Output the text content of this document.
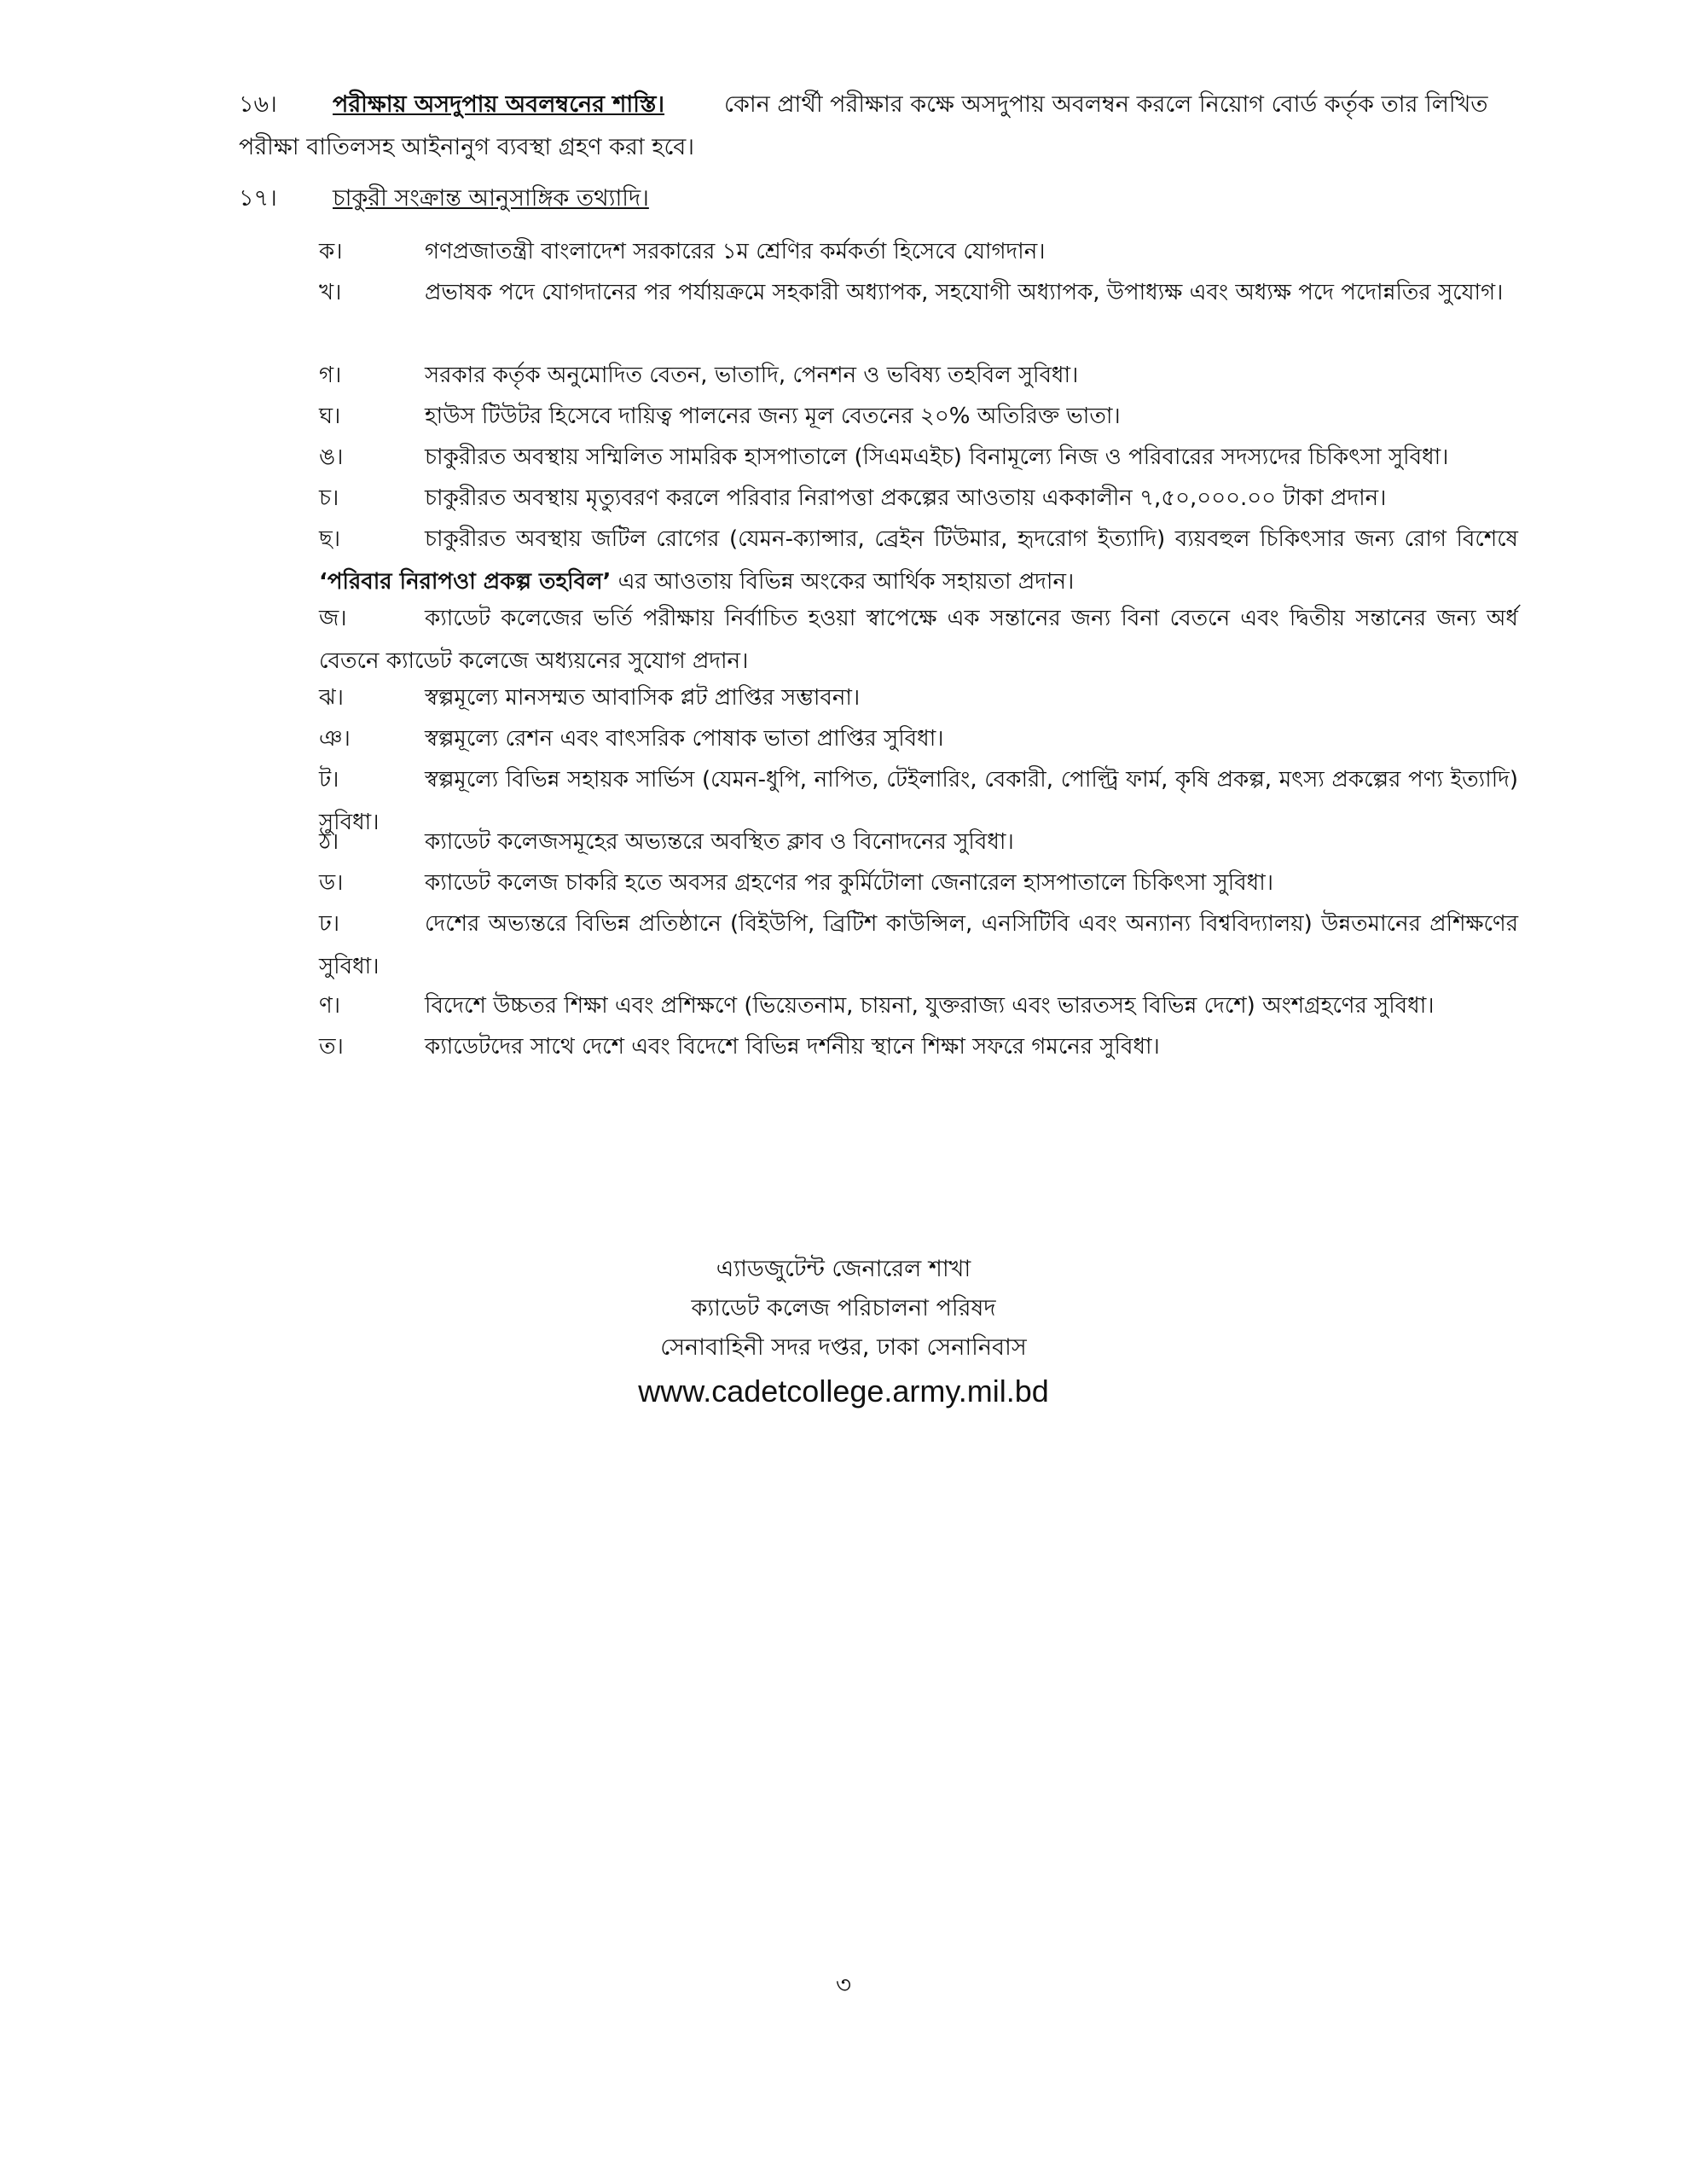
১৬। পরীক্ষায় অসদুপায় অবলম্বনের শাস্তি।	কোন প্রার্থী পরীক্ষার কক্ষে অসদুপায় অবলম্বন করলে নিয়োগ বোর্ড কর্তৃক তার লিখিত পরীক্ষা বাতিলসহ আইনানুগ ব্যবস্থা গ্রহণ করা হবে।
১৭। চাকুরী সংক্রান্ত আনুসাঙ্গিক তথ্যাদি।
ক।	গণপ্রজাতন্ত্রী বাংলাদেশ সরকারের ১ম শ্রেণির কর্মকর্তা হিসেবে যোগদান।
খ।	প্রভাষক পদে যোগদানের পর পর্যায়ক্রমে সহকারী অধ্যাপক, সহযোগী অধ্যাপক, উপাধ্যক্ষ এবং অধ্যক্ষ পদে পদোন্নতির সুযোগ।
গ।	সরকার কর্তৃক অনুমোদিত বেতন, ভাতাদি, পেনশন ও ভবিষ্য তহবিল সুবিধা।
ঘ।	হাউস টিউটর হিসেবে দায়িত্ব পালনের জন্য মূল বেতনের ২০% অতিরিক্ত ভাতা।
ঙ।	চাকুরীরত অবস্থায় সম্মিলিত সামরিক হাসপাতালে (সিএমএইচ) বিনামূল্যে নিজ ও পরিবারের সদস্যদের চিকিৎসা সুবিধা।
চ।	চাকুরীরত অবস্থায় মৃত্যুবরণ করলে পরিবার নিরাপত্তা প্রকল্পের আওতায় এককালীন ৭,৫০,০০০.০০ টাকা প্রদান।
ছ।	চাকুরীরত অবস্থায় জটিল রোগের (যেমন-ক্যান্সার, ব্রেইন টিউমার, হৃদরোগ ইত্যাদি) ব্যয়বহুল চিকিৎসার জন্য রোগ বিশেষে ‘পরিবার নিরাপওা প্রকল্প তহবিল’ এর আওতায় বিভিন্ন অংকের আর্থিক সহায়তা প্রদান।
জ।	ক্যাডেট কলেজের ভর্তি পরীক্ষায় নির্বাচিত হওয়া স্বাপেক্ষে এক সন্তানের জন্য বিনা বেতনে এবং দ্বিতীয় সন্তানের জন্য অর্ধ বেতনে ক্যাডেট কলেজে অধ্যয়নের সুযোগ প্রদান।
ঝ।	স্বল্পমূল্যে মানসম্মত আবাসিক প্লট প্রাপ্তির সম্ভাবনা।
ঞ।	স্বল্পমূল্যে রেশন এবং বাৎসরিক পোষাক ভাতা প্রাপ্তির সুবিধা।
ট।	স্বল্পমূল্যে বিভিন্ন সহায়ক সার্ভিস (যেমন-ধুপি, নাপিত, টেইলারিং, বেকারী, পোল্ট্রি ফার্ম, কৃষি প্রকল্প, মৎস্য প্রকল্পের পণ্য ইত্যাদি) সুবিধা।
ঠ।	ক্যাডেট কলেজসমূহের অভ্যন্তরে অবস্থিত ক্লাব ও বিনোদনের সুবিধা।
ড।	ক্যাডেট কলেজ চাকরি হতে অবসর গ্রহণের পর কুর্মিটোলা জেনারেল হাসপাতালে চিকিৎসা সুবিধা।
ঢ।	দেশের অভ্যন্তরে বিভিন্ন প্রতিষ্ঠানে (বিইউপি, ব্রিটিশ কাউন্সিল, এনসিটিবি এবং অন্যান্য বিশ্ববিদ্যালয়) উন্নতমানের প্রশিক্ষণের সুবিধা।
ণ।	বিদেশে উচ্চতর শিক্ষা এবং প্রশিক্ষণে (ভিয়েতনাম, চায়না, যুক্তরাজ্য এবং ভারতসহ বিভিন্ন দেশে) অংশগ্রহণের সুবিধা।
ত।	ক্যাডেটদের সাথে দেশে এবং বিদেশে বিভিন্ন দর্শনীয় স্থানে শিক্ষা সফরে গমনের সুবিধা।
এ্যাডজুটেন্ট জেনারেল শাখা
ক্যাডেট কলেজ পরিচালনা পরিষদ
সেনাবাহিনী সদর দপ্তর, ঢাকা সেনানিবাস
www.cadetcollege.army.mil.bd
৩
